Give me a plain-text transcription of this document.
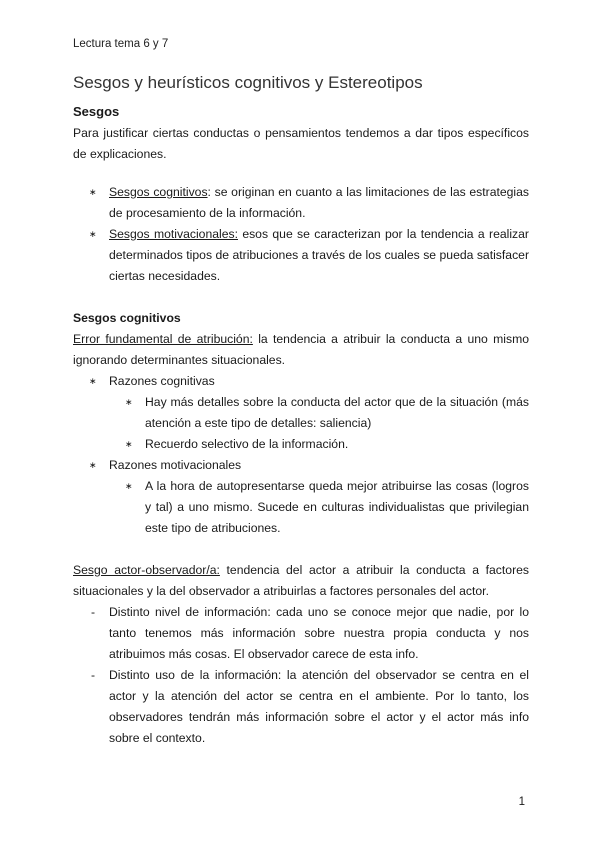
Lectura tema 6 y 7
Sesgos y heurísticos cognitivos y Estereotipos
Sesgos

Para justificar ciertas conductas o pensamientos tendemos a dar tipos específicos de explicaciones.

∗ Sesgos cognitivos: se originan en cuanto a las limitaciones de las estrategias de procesamiento de la información.
∗ Sesgos motivacionales: esos que se caracterizan por la tendencia a realizar determinados tipos de atribuciones a través de los cuales se pueda satisfacer ciertas necesidades.
Sesgos cognitivos

Error fundamental de atribución: la tendencia a atribuir la conducta a uno mismo ignorando determinantes situacionales.

∗ Razones cognitivas
∗ Hay más detalles sobre la conducta del actor que de la situación (más atención a este tipo de detalles: saliencia)
∗ Recuerdo selectivo de la información.
∗ Razones motivacionales
∗ A la hora de autopresentarse queda mejor atribuirse las cosas (logros y tal) a uno mismo. Sucede en culturas individualistas que privilegian este tipo de atribuciones.

Sesgo actor-observador/a: tendencia del actor a atribuir la conducta a factores situacionales y la del observador a atribuirlas a factores personales del actor.

- Distinto nivel de información: cada uno se conoce mejor que nadie, por lo tanto tenemos más información sobre nuestra propia conducta y nos atribuimos más cosas. El observador carece de esta info.
- Distinto uso de la información: la atención del observador se centra en el actor y la atención del actor se centra en el ambiente. Por lo tanto, los observadores tendrán más información sobre el actor y el actor más info sobre el contexto.
1
